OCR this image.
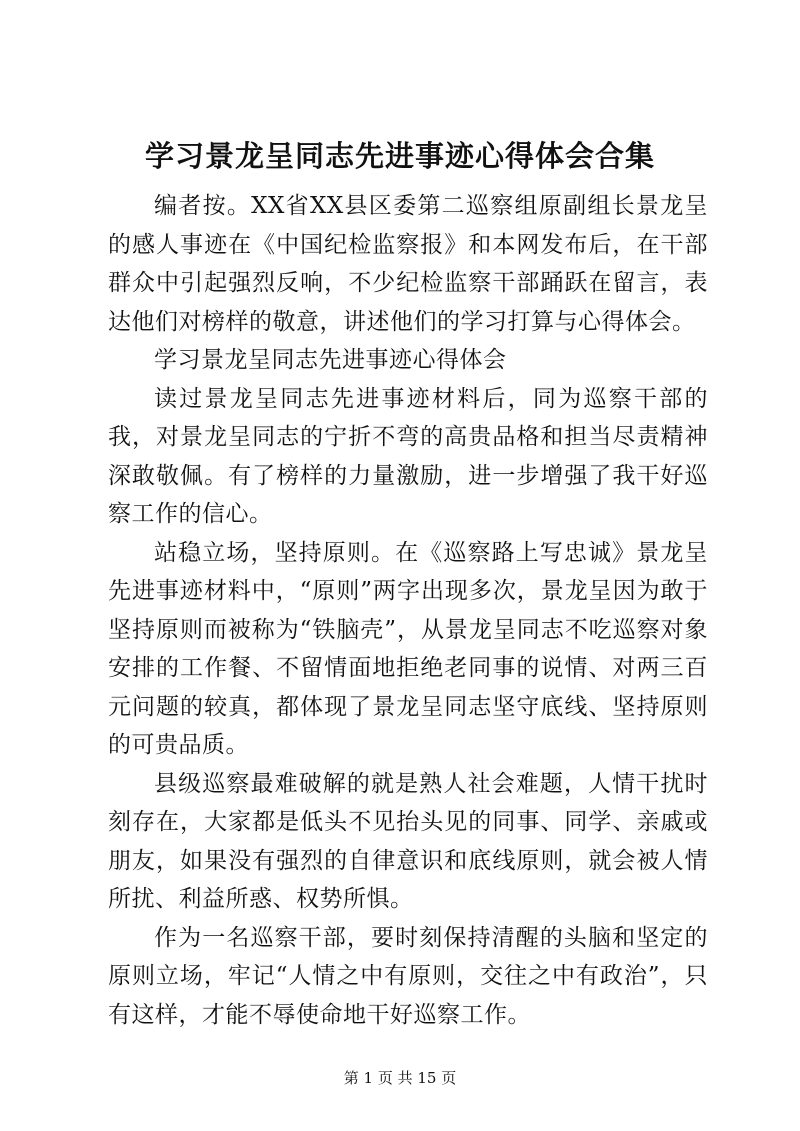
学习景龙呈同志先进事迹心得体会合集

编者按。XX省XX县区委第二巡察组原副组长景龙呈的感人事迹在《中国纪检监察报》和本网发布后，在干部群众中引起强烈反响，不少纪检监察干部踊跃在留言，表达他们对榜样的敬意，讲述他们的学习打算与心得体会。

学习景龙呈同志先进事迹心得体会

读过景龙呈同志先进事迹材料后，同为巡察干部的我，对景龙呈同志的宁折不弯的高贵品格和担当尽责精神深敢敬佩。有了榜样的力量激励，进一步增强了我干好巡察工作的信心。

站稳立场，坚持原则。在《巡察路上写忠诚》景龙呈先进事迹材料中，“原则”两字出现多次，景龙呈因为敢于坚持原则而被称为“铁脑壳”，从景龙呈同志不吃巡察对象安排的工作餐、不留情面地拒绝老同事的说情、对两三百元问题的较真，都体现了景龙呈同志坚守底线、坚持原则的可贵品质。

县级巡察最难破解的就是熟人社会难题，人情干扰时刻存在，大家都是低头不见抬头见的同事、同学、亲戚或朋友，如果没有强烈的自律意识和底线原则，就会被人情所扰、利益所惑、权势所惧。

作为一名巡察干部，要时刻保持清醒的头脑和坚定的原则立场，牢记“人情之中有原则，交往之中有政治”，只有这样，才能不辱使命地干好巡察工作。

第 1 页 共 15 页
